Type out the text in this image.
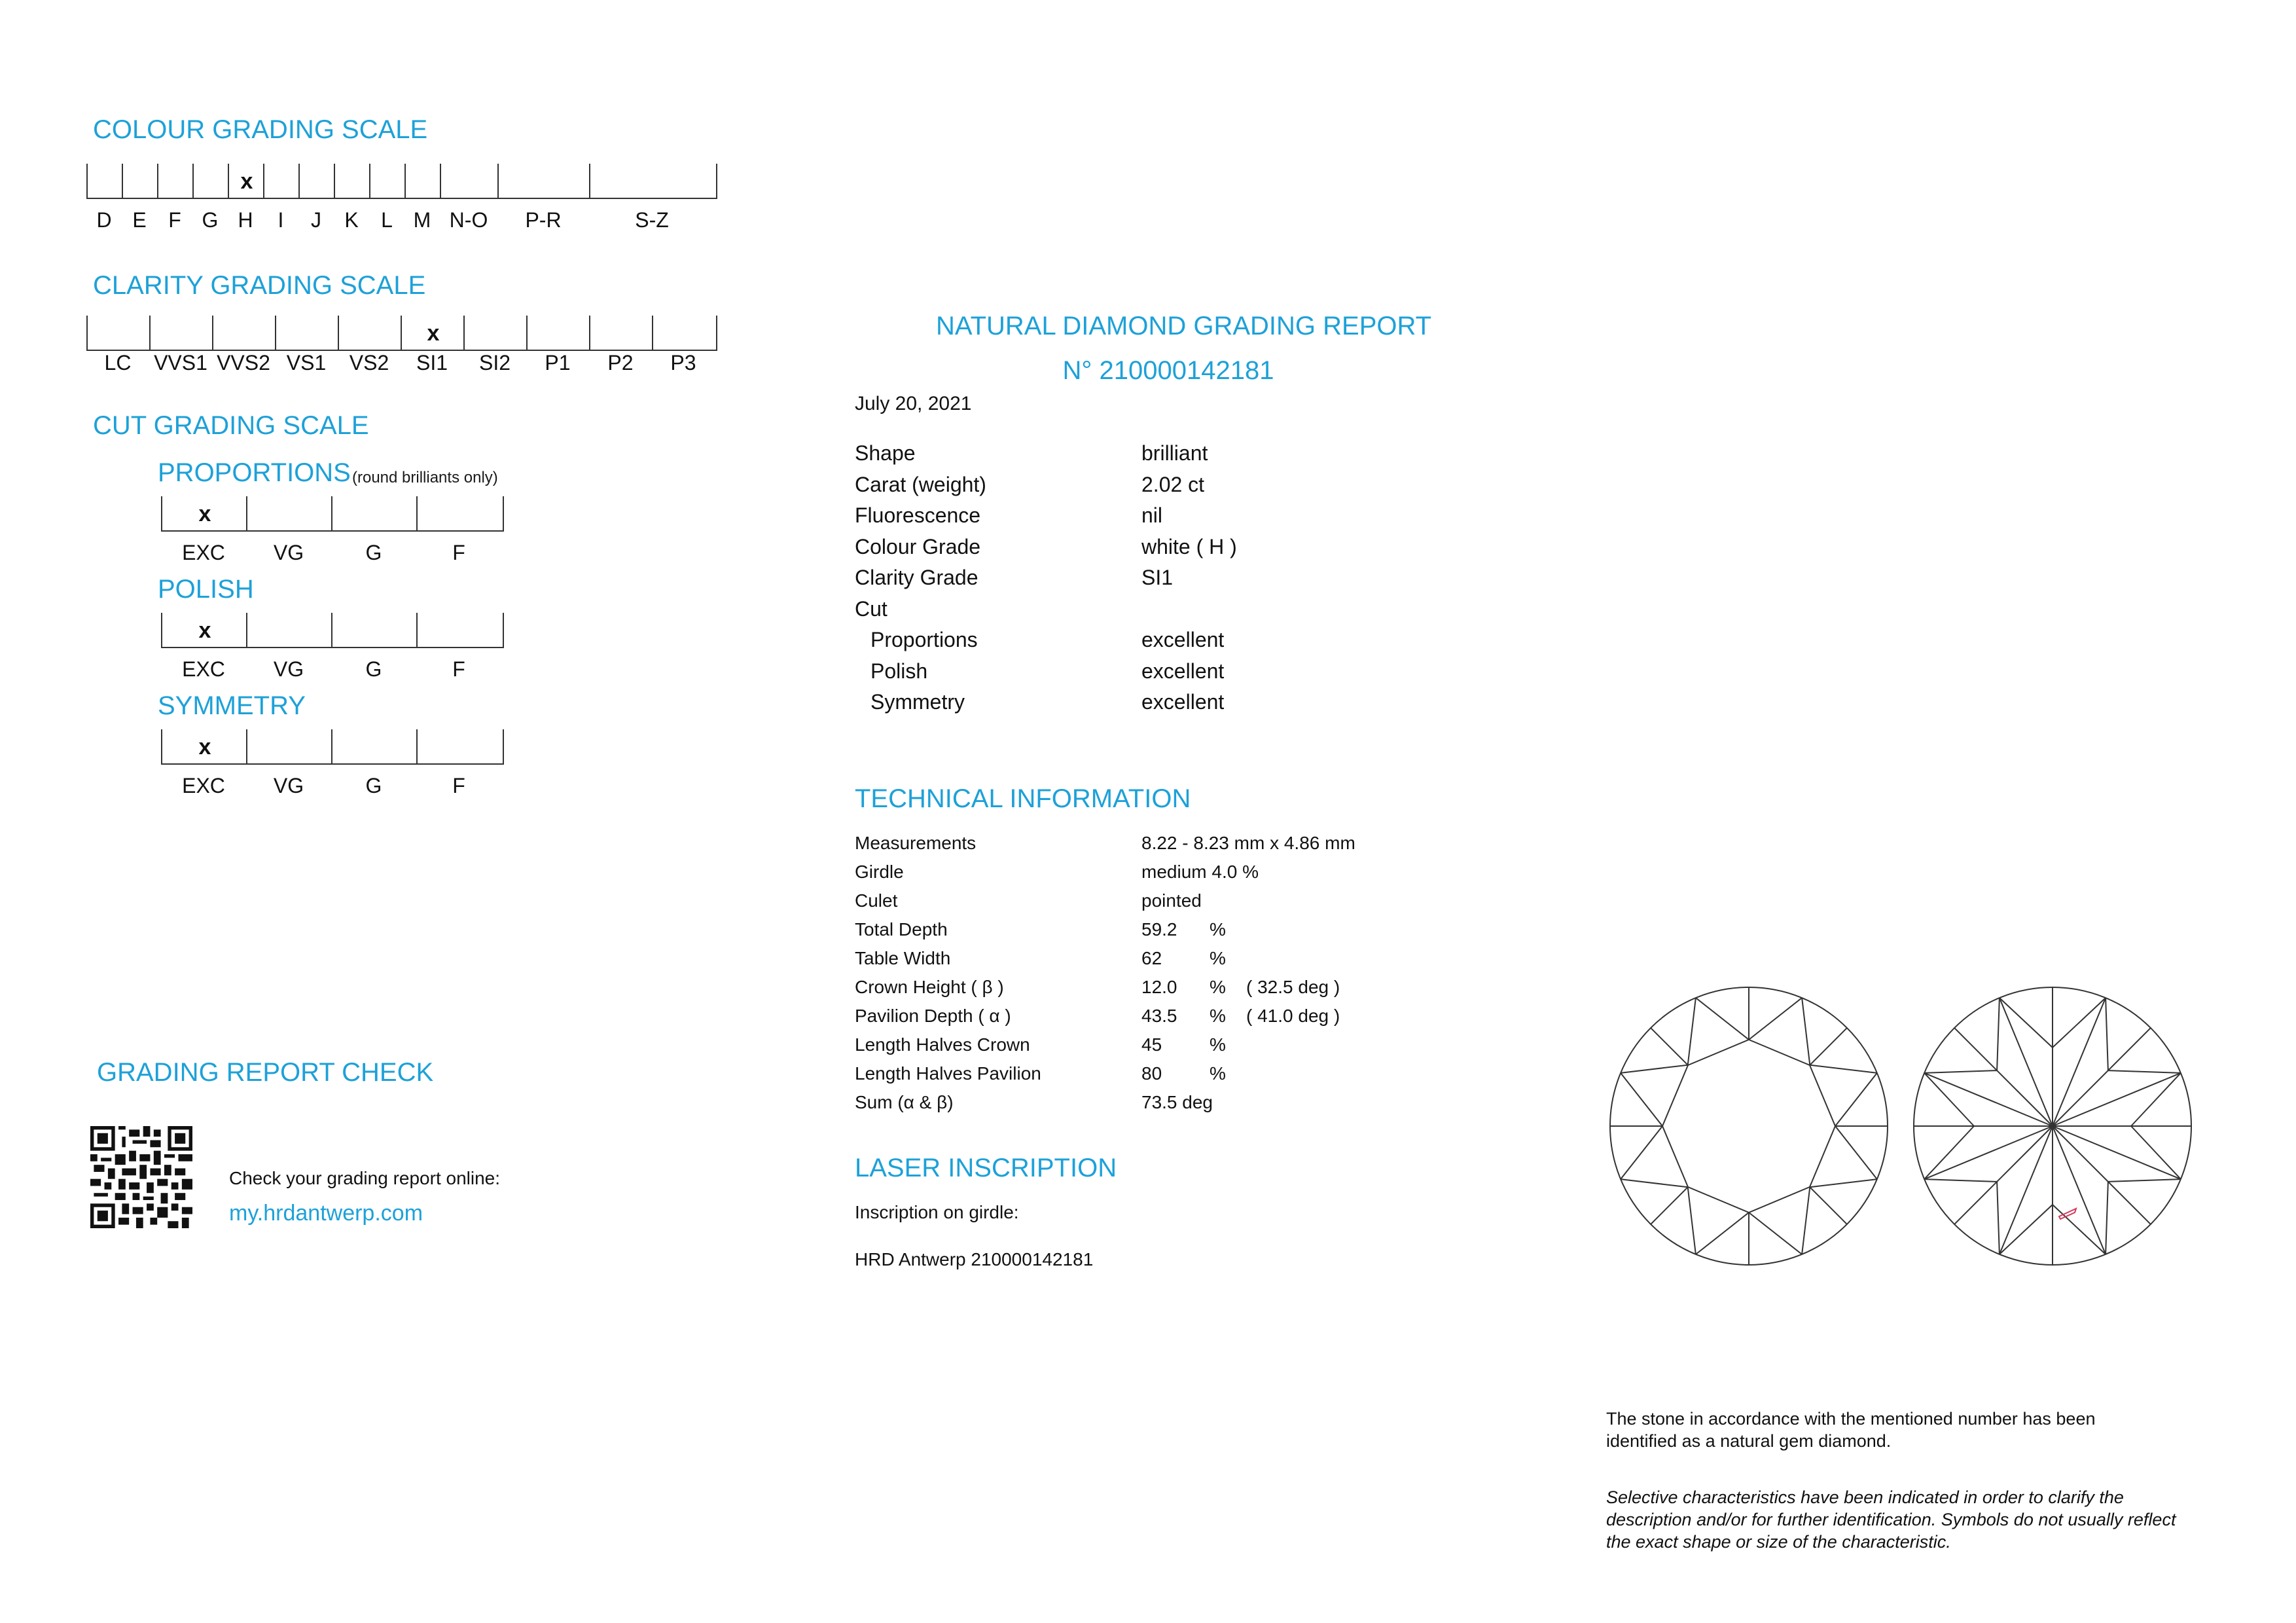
COLOUR GRADING SCALE
D E	F G
x
H	I	J	K	L M N-O	P-R	S-Z
CLARITY GRADING SCALE
LC	VVS1 VVS2 VS1	VS2
x
SI1	SI2	P1	P2	P3
CUT GRADING SCALE
PROPORTIONS (round brilliants only)
x
EXC	VG	G	F
POLISH
x
EXC	VG	G	F
SYMMETRY
x
EXC	VG	G	F
GRADING REPORT CHECK
Check your grading report online:
my.hrdantwerp.com
NATURAL DIAMOND GRADING REPORT
N° 210000142181
July 20, 2021
Shape	brilliant
Carat (weight)	2.02 ct
Fluorescence	nil
Colour Grade	white ( H )
Clarity Grade	SI1
Cut
Proportions	excellent
Polish	excellent
Symmetry	excellent
TECHNICAL INFORMATION
Measurements	8.22 - 8.23 mm x 4.86 mm
Girdle	medium 4.0 %
Culet	pointed
Total Depth	59.2 %
Table Width	62	%
Crown Height ( β )	12.0 % ( 32.5 deg )
Pavilion Depth ( α )	43.5 % ( 41.0 deg )
Length Halves Crown	45	%
Length Halves Pavilion	80	%
Sum (α & β)	73.5 deg
LASER INSCRIPTION
Inscription on girdle:
HRD Antwerp 210000142181
The stone in accordance with the mentioned number has been identified as a natural gem diamond.
Selective characteristics have been indicated in order to clarify the description and/or for further identification. Symbols do not usually reflect the exact shape or size of the characteristic.
